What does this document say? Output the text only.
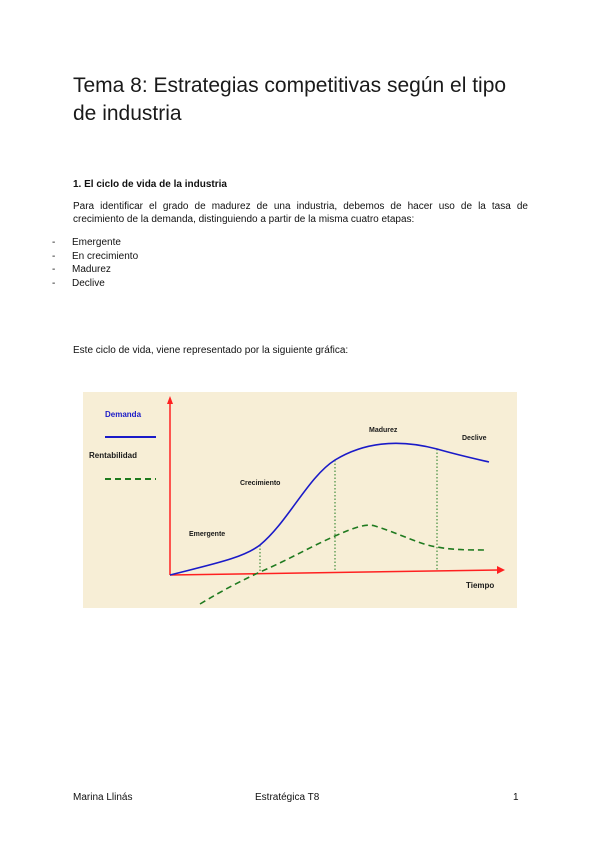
Tema 8: Estrategias competitivas según el tipo de industria

1. El ciclo de vida de la industria

Para identificar el grado de madurez de una industria, debemos de hacer uso de la tasa de crecimiento de la demanda, distinguiendo a partir de la misma cuatro etapas:

- Emergente
- En crecimiento
- Madurez
- Declive

Este ciclo de vida, viene representado por la siguiente gráfica:

Demanda
Rentabilidad
Tiempo
Emergente
Crecimiento
Madurez
Declive

Marina Llinás	Estratégica T8	1
